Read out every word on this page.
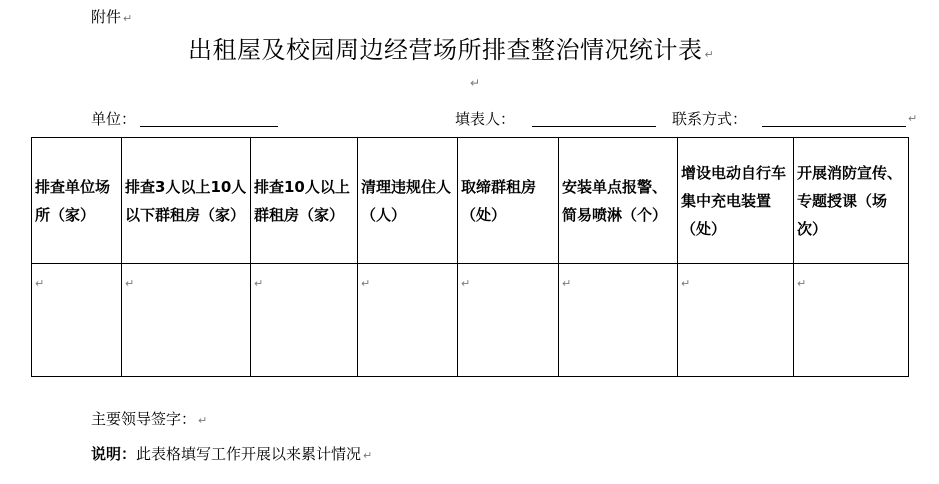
附件 ↵
出租屋及校园周边经营场所排查整治情况统计表 ↵
↵
单位：	填表人：	联系方式：	↵
排查单位场所（家）	排查3人以上10人以下群租房（家）	排查10人以上群租房（家）	清理违规住人（人）	取缔群租房（处）	安装单点报警、简易喷淋（个）	增设电动自行车集中充电装置（处）	开展消防宣传、专题授课（场次）

↵	↵	↵	↵	↵	↵	↵	↵
主要领导签字： ↵
说明：此表格填写工作开展以来累计情况 ↵
